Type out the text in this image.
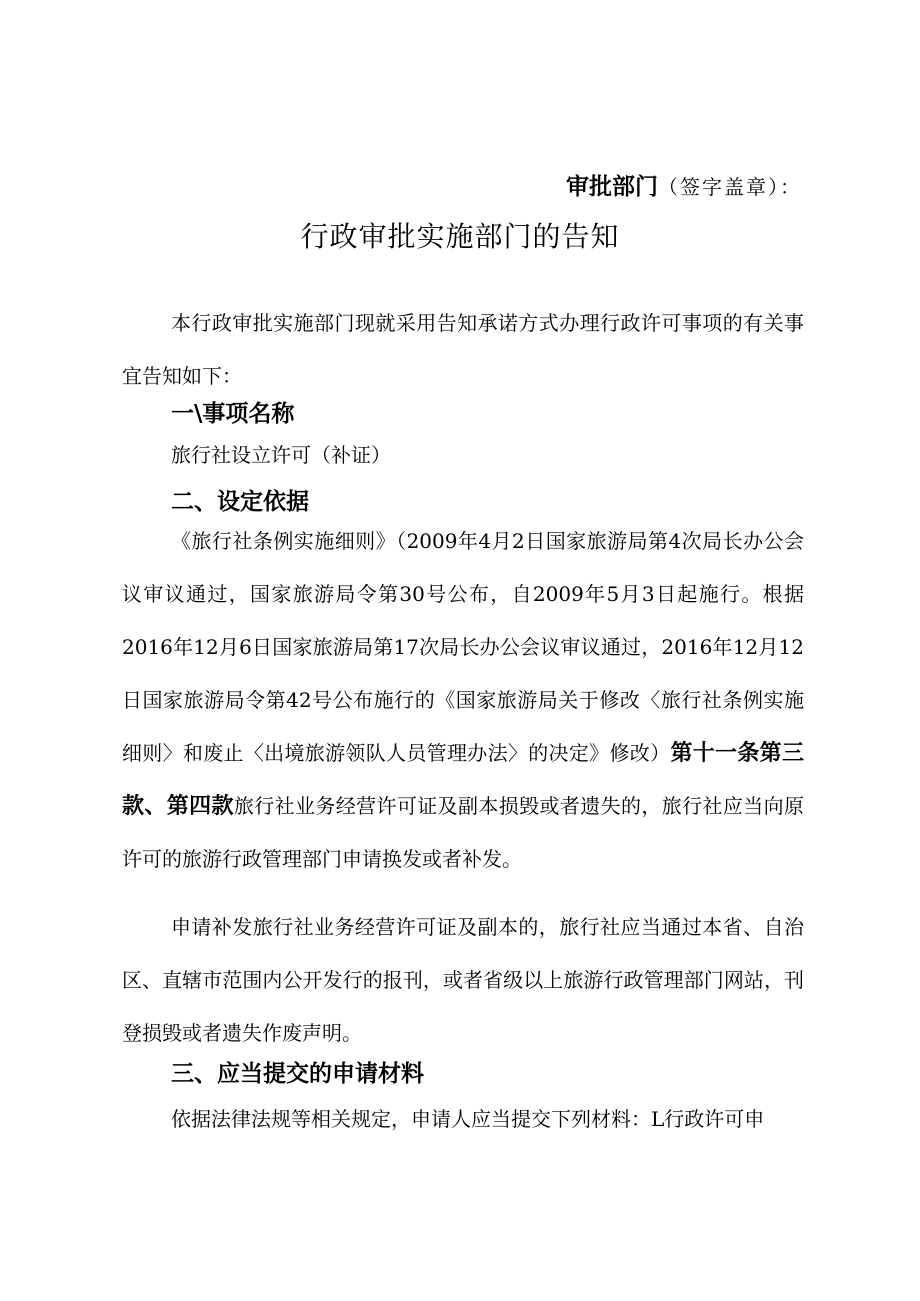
审批部门（签字盖章）：
行政审批实施部门的告知

本行政审批实施部门现就采用告知承诺方式办理行政许可事项的有关事宜告知如下：

一\事项名称
旅行社设立许可（补证）
二、设定依据

《旅行社条例实施细则》（2009年4月2日国家旅游局第4次局长办公会议审议通过，国家旅游局令第30号公布，自2009年5月3日起施行。根据2016年12月6日国家旅游局第17次局长办公会议审议通过，2016年12月12日国家旅游局令第42号公布施行的《国家旅游局关于修改〈旅行社条例实施细则〉和废止〈出境旅游领队人员管理办法〉的决定》修改）第十一条第三款、第四款旅行社业务经营许可证及副本损毁或者遗失的，旅行社应当向原许可的旅游行政管理部门申请换发或者补发。

申请补发旅行社业务经营许可证及副本的，旅行社应当通过本省、自治区、直辖市范围内公开发行的报刊，或者省级以上旅游行政管理部门网站，刊登损毁或者遗失作废声明。

三、应当提交的申请材料

依据法律法规等相关规定，申请人应当提交下列材料：L行政许可申
